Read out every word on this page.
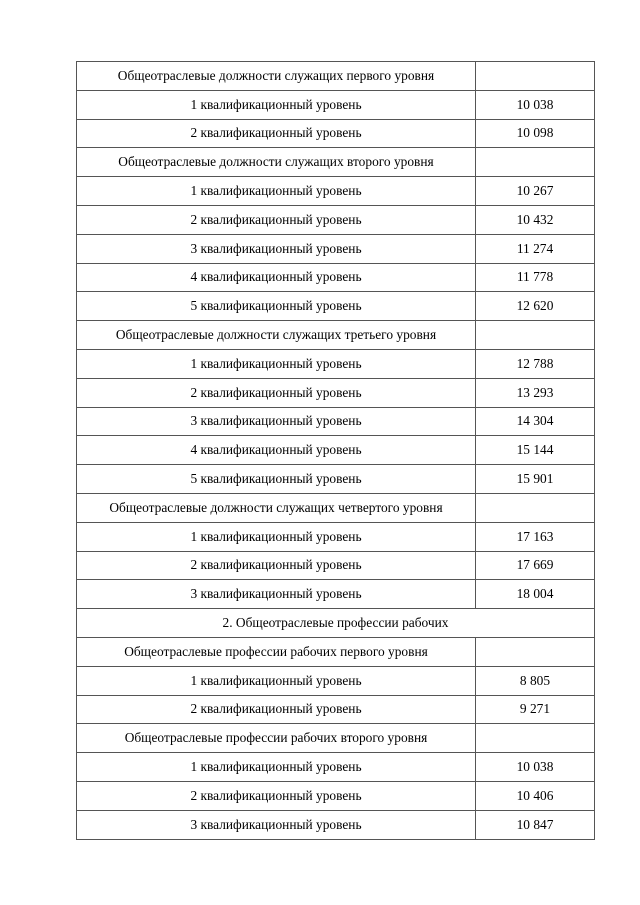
Общеотраслевые должности служащих первого уровня	
1 квалификационный уровень	10 038
2 квалификационный уровень	10 098
Общеотраслевые должности служащих второго уровня	
1 квалификационный уровень	10 267
2 квалификационный уровень	10 432
3 квалификационный уровень	11 274
4 квалификационный уровень	11 778
5 квалификационный уровень	12 620
Общеотраслевые должности служащих третьего уровня	
1 квалификационный уровень	12 788
2 квалификационный уровень	13 293
3 квалификационный уровень	14 304
4 квалификационный уровень	15 144
5 квалификационный уровень	15 901
Общеотраслевые должности служащих четвертого уровня	
1 квалификационный уровень	17 163
2 квалификационный уровень	17 669
3 квалификационный уровень	18 004
2. Общеотраслевые профессии рабочих	
Общеотраслевые профессии рабочих первого уровня	
1 квалификационный уровень	8 805
2 квалификационный уровень	9 271
Общеотраслевые профессии рабочих второго уровня	
1 квалификационный уровень	10 038
2 квалификационный уровень	10 406
3 квалификационный уровень	10 847
